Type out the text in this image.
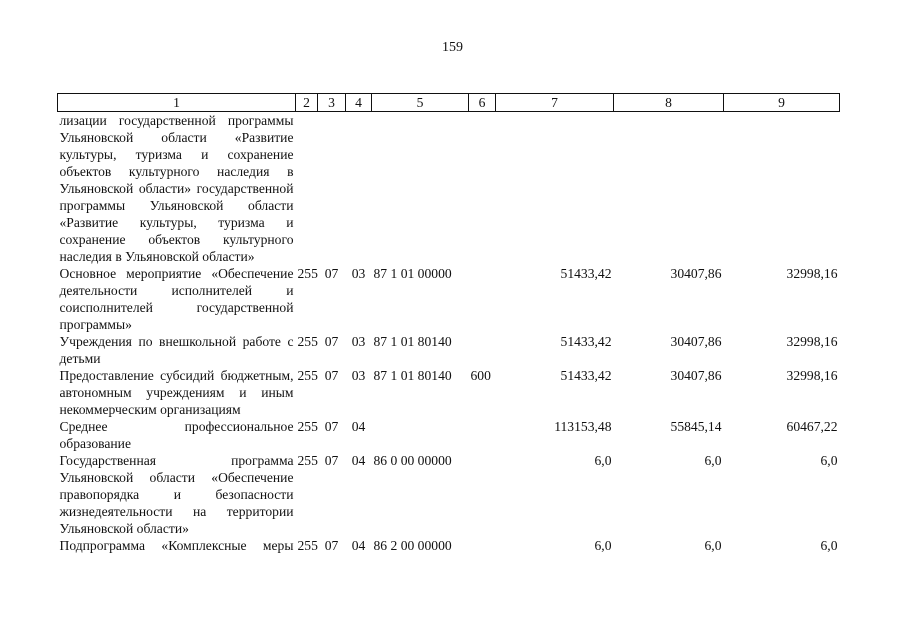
159
1	2	3	4	5	6	7	8	9
лизации государственной программы Ульяновской области «Развитие культуры, туризма и сохранение объектов культурного наследия в Ульяновской области» государственной программы Ульяновской области «Развитие культуры, туризма и сохранение объектов культурного наследия в Ульяновской области»								
Основное мероприятие «Обеспечение деятельности исполнителей и соисполнителей государственной программы»	255	07	03	87 1 01 00000		51433,42	30407,86	32998,16
Учреждения по внешкольной работе с детьми	255	07	03	87 1 01 80140		51433,42	30407,86	32998,16
Предоставление субсидий бюджетным, автономным учреждениям и иным некоммерческим организациям	255	07	03	87 1 01 80140	600	51433,42	30407,86	32998,16
Среднее профессиональное образование	255	07	04			113153,48	55845,14	60467,22
Государственная программа Ульяновской области «Обеспечение правопорядка и безопасности жизнедеятельности на территории Ульяновской области»	255	07	04	86 0 00 00000		6,0	6,0	6,0
Подпрограмма «Комплексные меры	255	07	04	86 2 00 00000		6,0	6,0	6,0
